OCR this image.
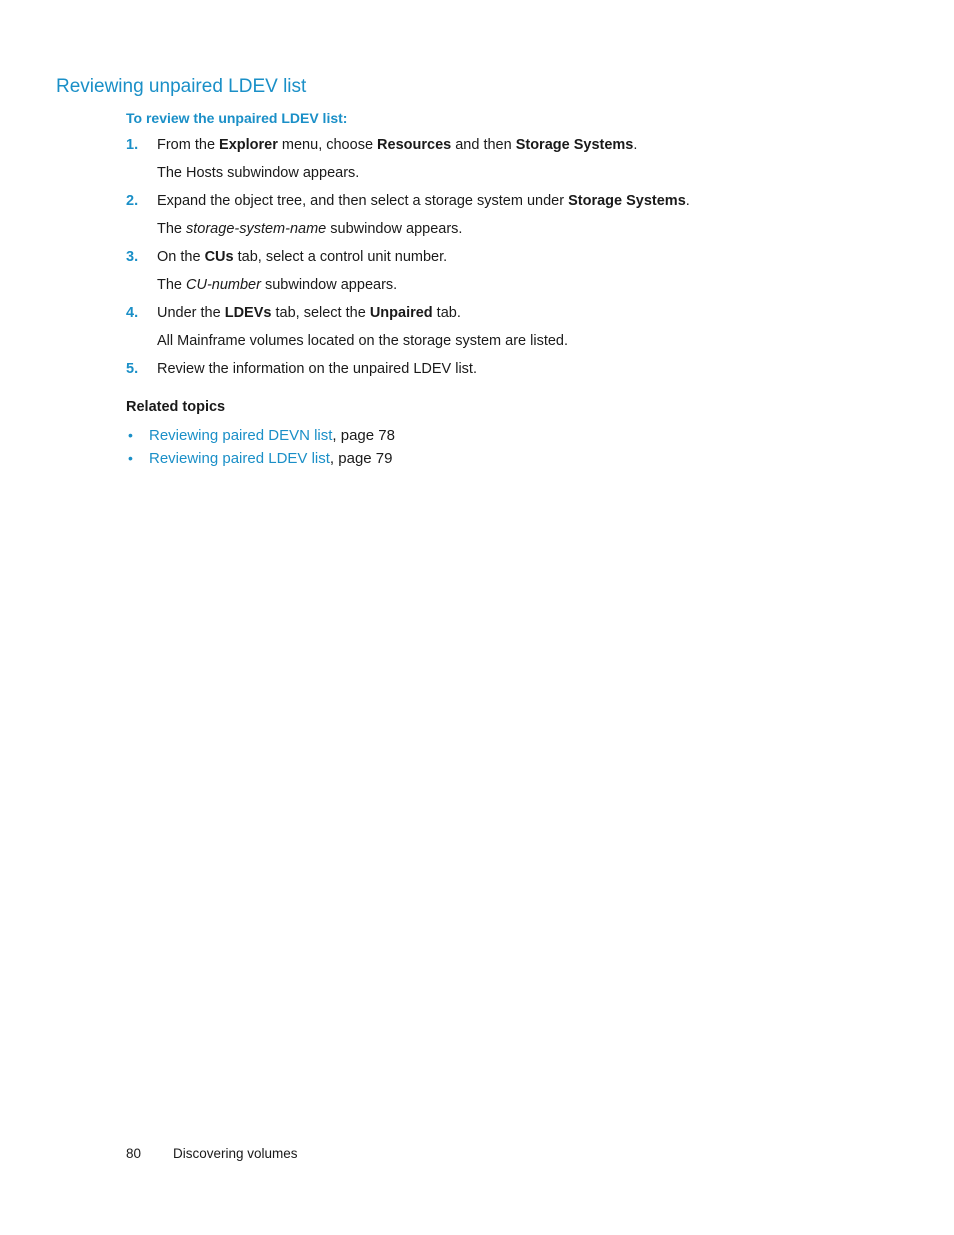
Reviewing unpaired LDEV list
To review the unpaired LDEV list:
1. From the Explorer menu, choose Resources and then Storage Systems.
The Hosts subwindow appears.
2. Expand the object tree, and then select a storage system under Storage Systems.
The storage-system-name subwindow appears.
3. On the CUs tab, select a control unit number.
The CU-number subwindow appears.
4. Under the LDEVs tab, select the Unpaired tab.
All Mainframe volumes located on the storage system are listed.
5. Review the information on the unpaired LDEV list.
Related topics
• Reviewing paired DEVN list, page 78
• Reviewing paired LDEV list, page 79
80 Discovering volumes
